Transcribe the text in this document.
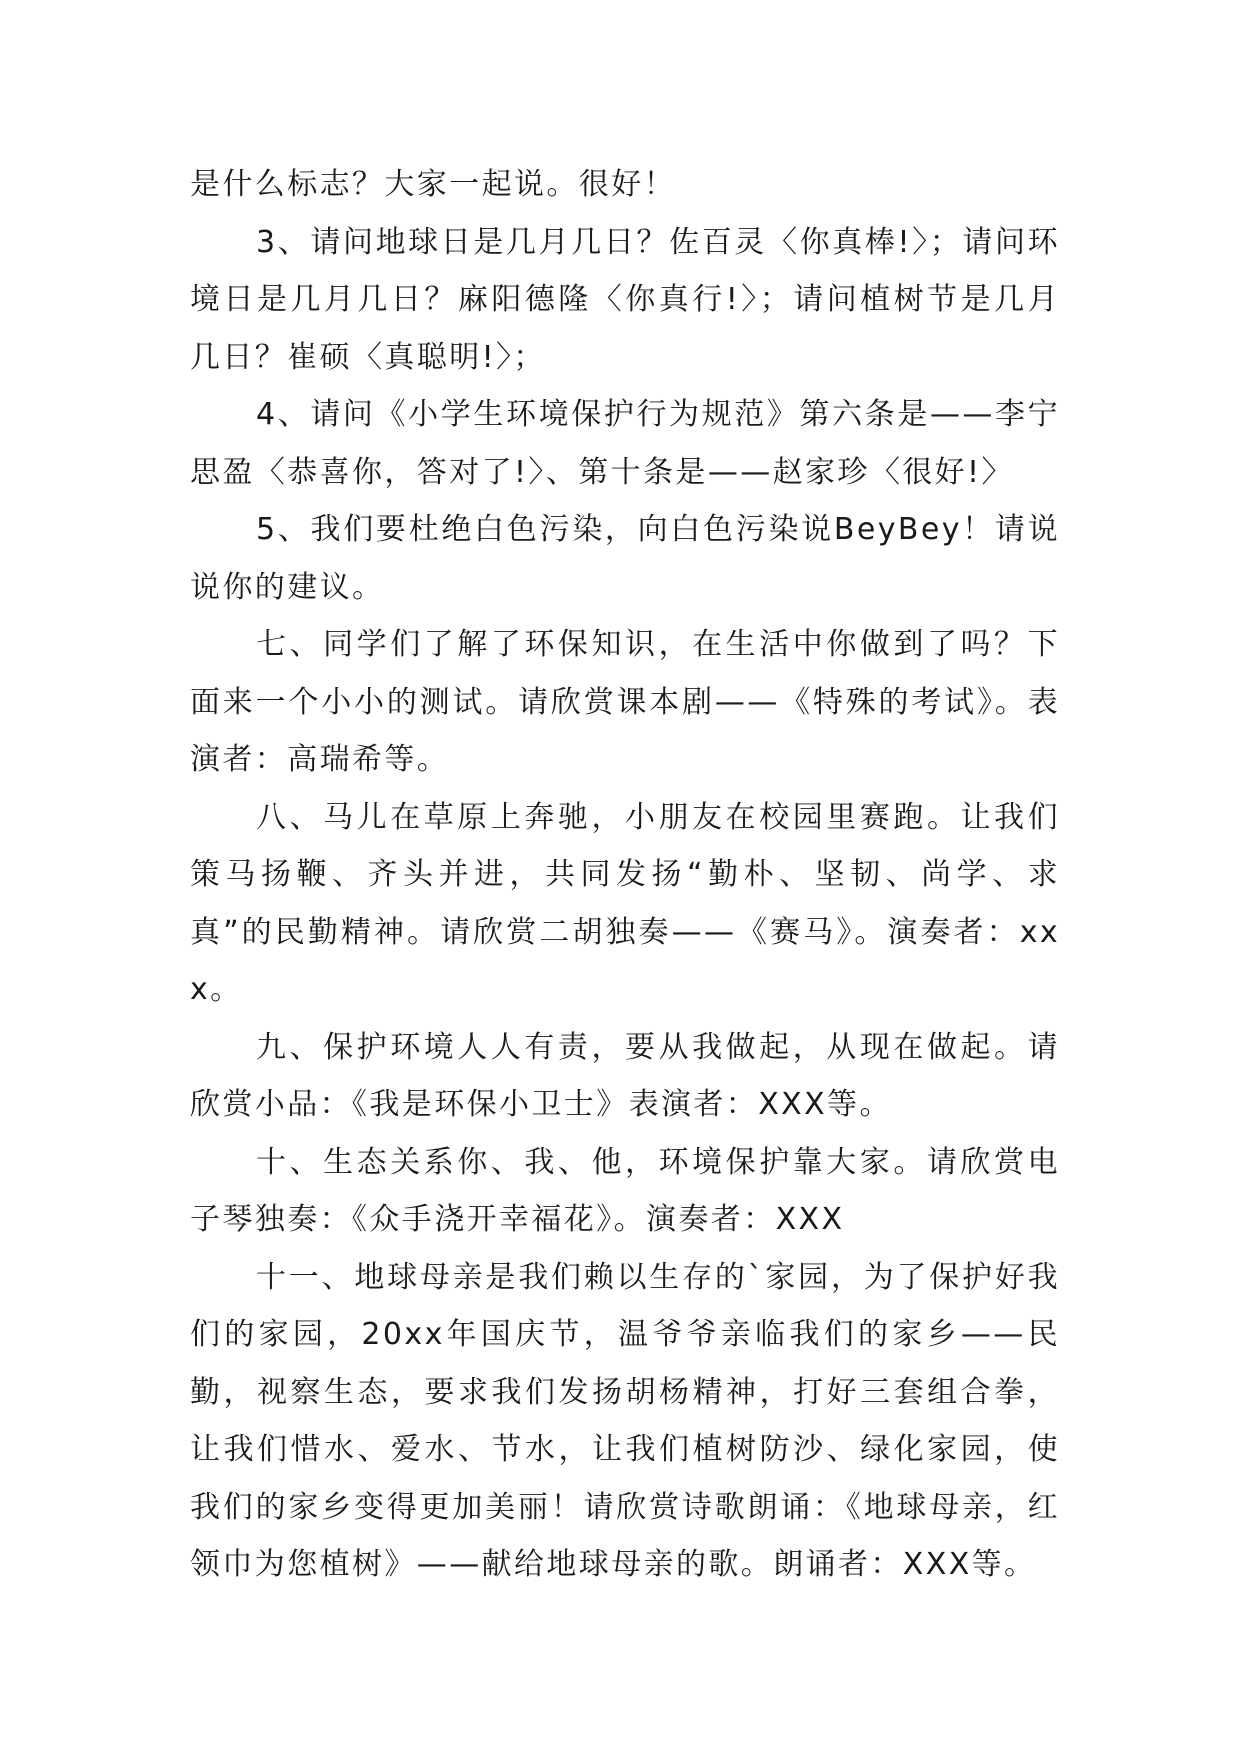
是什么标志？大家一起说。很好！

3、请问地球日是几月几日？佐百灵〈你真棒!〉；请问环境日是几月几日？麻阳德隆〈你真行!〉；请问植树节是几月几日？崔硕〈真聪明!〉；

4、请问《小学生环境保护行为规范》第六条是——李宁思盈〈恭喜你，答对了!〉、第十条是——赵家珍〈很好!〉

5、我们要杜绝白色污染，向白色污染说BeyBey！请说说你的建议。

七、同学们了解了环保知识，在生活中你做到了吗？下面来一个小小的测试。请欣赏课本剧——《特殊的考试》。表演者：高瑞希等。

八、马儿在草原上奔驰，小朋友在校园里赛跑。让我们策马扬鞭、齐头并进，共同发扬“勤朴、坚韧、尚学、求真”的民勤精神。请欣赏二胡独奏——《赛马》。演奏者：xxx。

九、保护环境人人有责，要从我做起，从现在做起。请欣赏小品：《我是环保小卫士》表演者：XXX等。

十、生态关系你、我、他，环境保护靠大家。请欣赏电子琴独奏：《众手浇开幸福花》。演奏者：XXX

十一、地球母亲是我们赖以生存的`家园，为了保护好我们的家园，20xx年国庆节，温爷爷亲临我们的家乡——民勤，视察生态，要求我们发扬胡杨精神，打好三套组合拳，让我们惜水、爱水、节水，让我们植树防沙、绿化家园，使我们的家乡变得更加美丽！请欣赏诗歌朗诵：《地球母亲，红领巾为您植树》——献给地球母亲的歌。朗诵者：XXX等。
